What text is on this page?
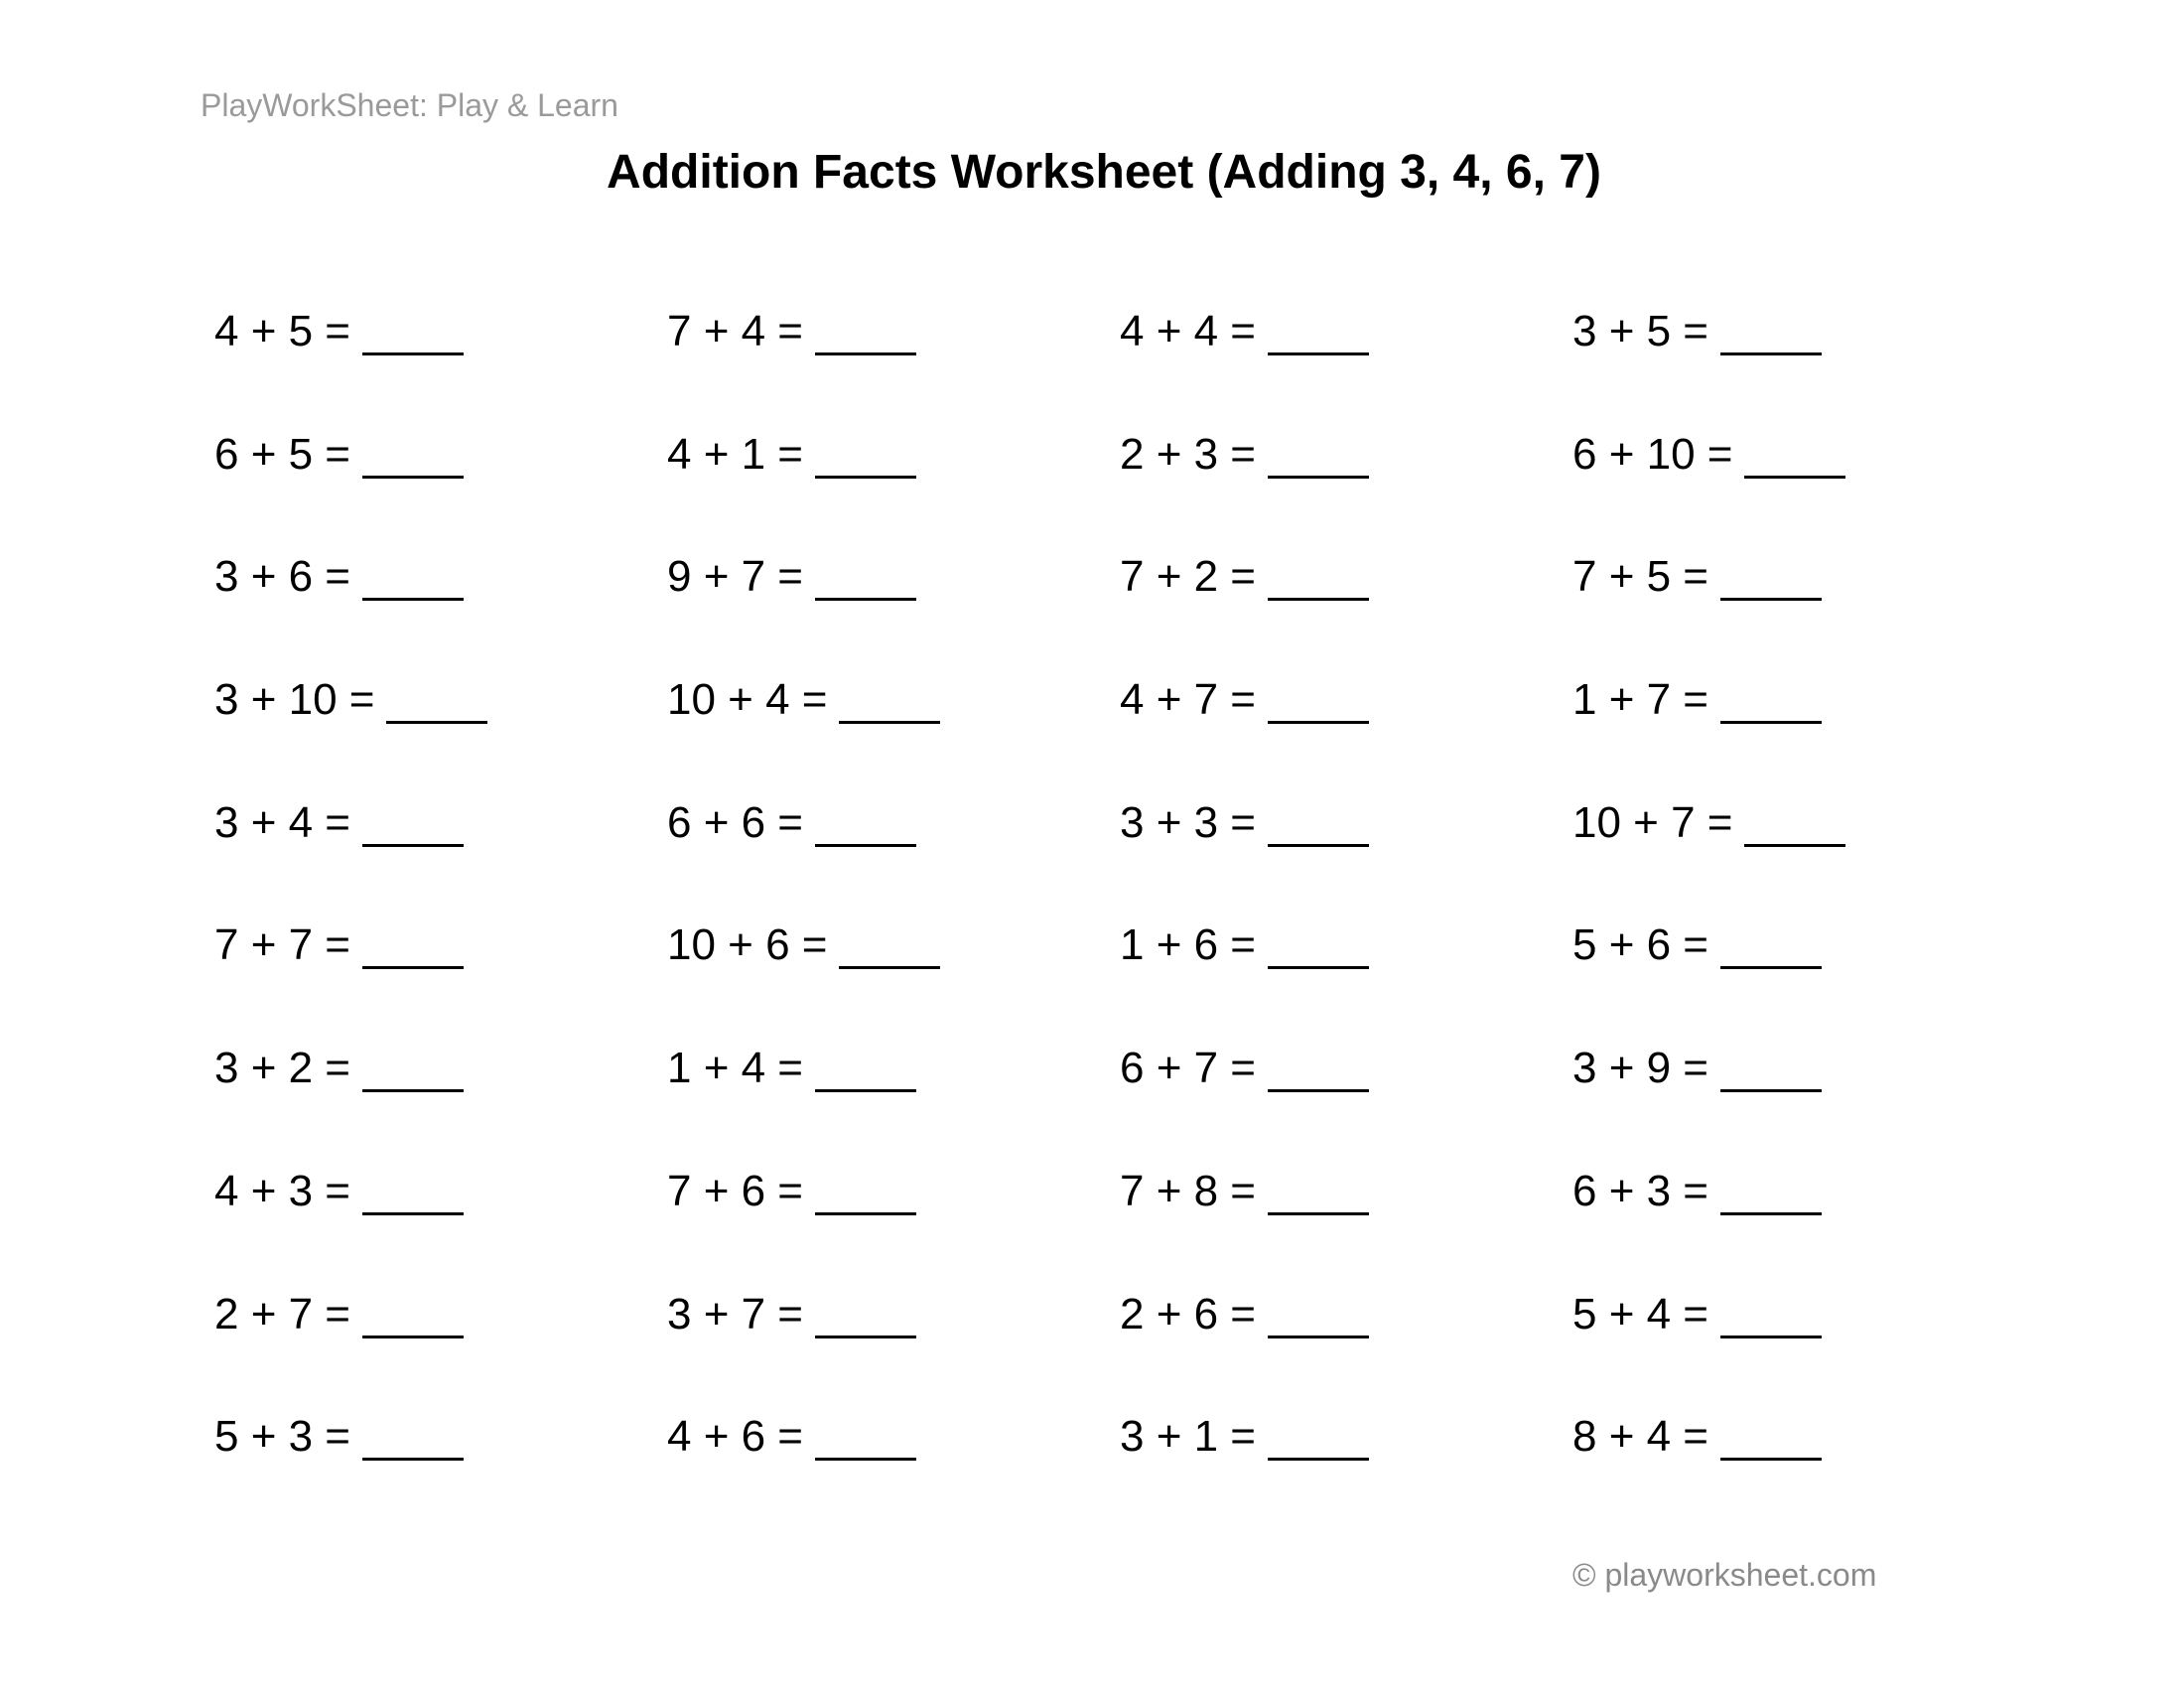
PlayWorkSheet: Play & Learn
Addition Facts Worksheet (Adding 3, 4, 6, 7)
4 + 5 =	7 + 4 =	4 + 4 =	3 + 5 =
6 + 5 =	4 + 1 =	2 + 3 =	6 + 10 =
3 + 6 =	9 + 7 =	7 + 2 =	7 + 5 =
3 + 10 =	10 + 4 =	4 + 7 =	1 + 7 =
3 + 4 =	6 + 6 =	3 + 3 =	10 + 7 =
7 + 7 =	10 + 6 =	1 + 6 =	5 + 6 =
3 + 2 =	1 + 4 =	6 + 7 =	3 + 9 =
4 + 3 =	7 + 6 =	7 + 8 =	6 + 3 =
2 + 7 =	3 + 7 =	2 + 6 =	5 + 4 =
5 + 3 =	4 + 6 =	3 + 1 =	8 + 4 =
© playworksheet.com
